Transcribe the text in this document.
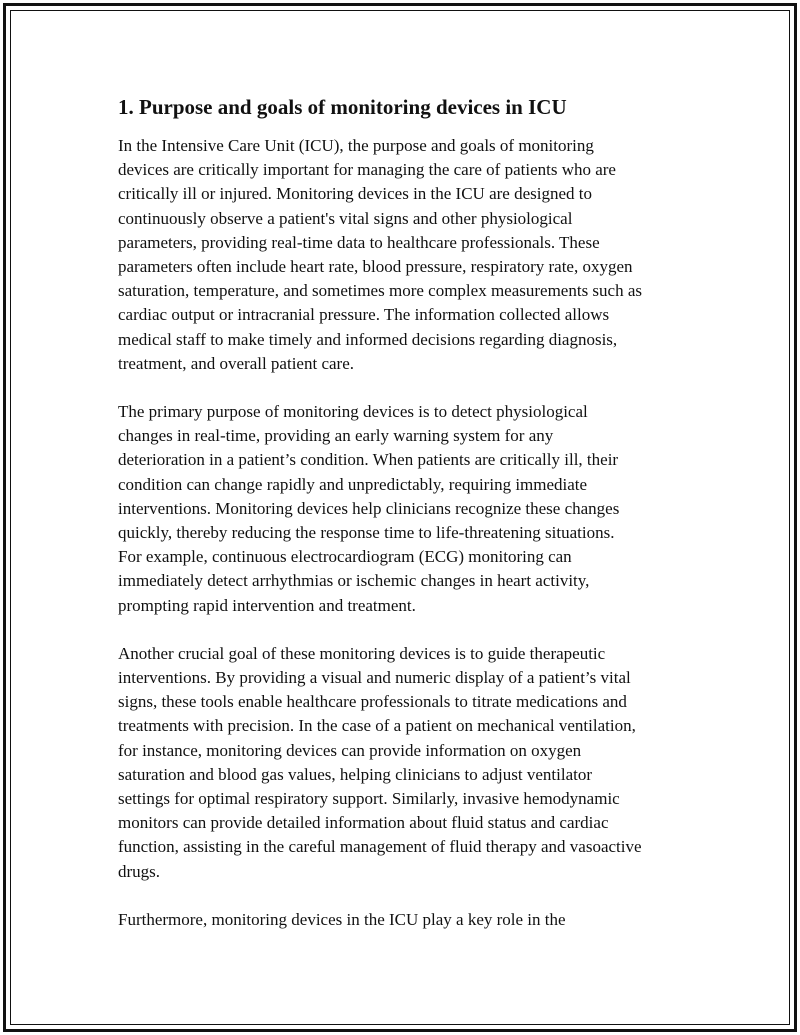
1. Purpose and goals of monitoring devices in ICU

In the Intensive Care Unit (ICU), the purpose and goals of monitoring
devices are critically important for managing the care of patients who are
critically ill or injured. Monitoring devices in the ICU are designed to
continuously observe a patient's vital signs and other physiological
parameters, providing real-time data to healthcare professionals. These
parameters often include heart rate, blood pressure, respiratory rate, oxygen
saturation, temperature, and sometimes more complex measurements such as
cardiac output or intracranial pressure. The information collected allows
medical staff to make timely and informed decisions regarding diagnosis,
treatment, and overall patient care.

The primary purpose of monitoring devices is to detect physiological
changes in real-time, providing an early warning system for any
deterioration in a patient’s condition. When patients are critically ill, their
condition can change rapidly and unpredictably, requiring immediate
interventions. Monitoring devices help clinicians recognize these changes
quickly, thereby reducing the response time to life-threatening situations.
For example, continuous electrocardiogram (ECG) monitoring can
immediately detect arrhythmias or ischemic changes in heart activity,
prompting rapid intervention and treatment.

Another crucial goal of these monitoring devices is to guide therapeutic
interventions. By providing a visual and numeric display of a patient’s vital
signs, these tools enable healthcare professionals to titrate medications and
treatments with precision. In the case of a patient on mechanical ventilation,
for instance, monitoring devices can provide information on oxygen
saturation and blood gas values, helping clinicians to adjust ventilator
settings for optimal respiratory support. Similarly, invasive hemodynamic
monitors can provide detailed information about fluid status and cardiac
function, assisting in the careful management of fluid therapy and vasoactive
drugs.

Furthermore, monitoring devices in the ICU play a key role in the
